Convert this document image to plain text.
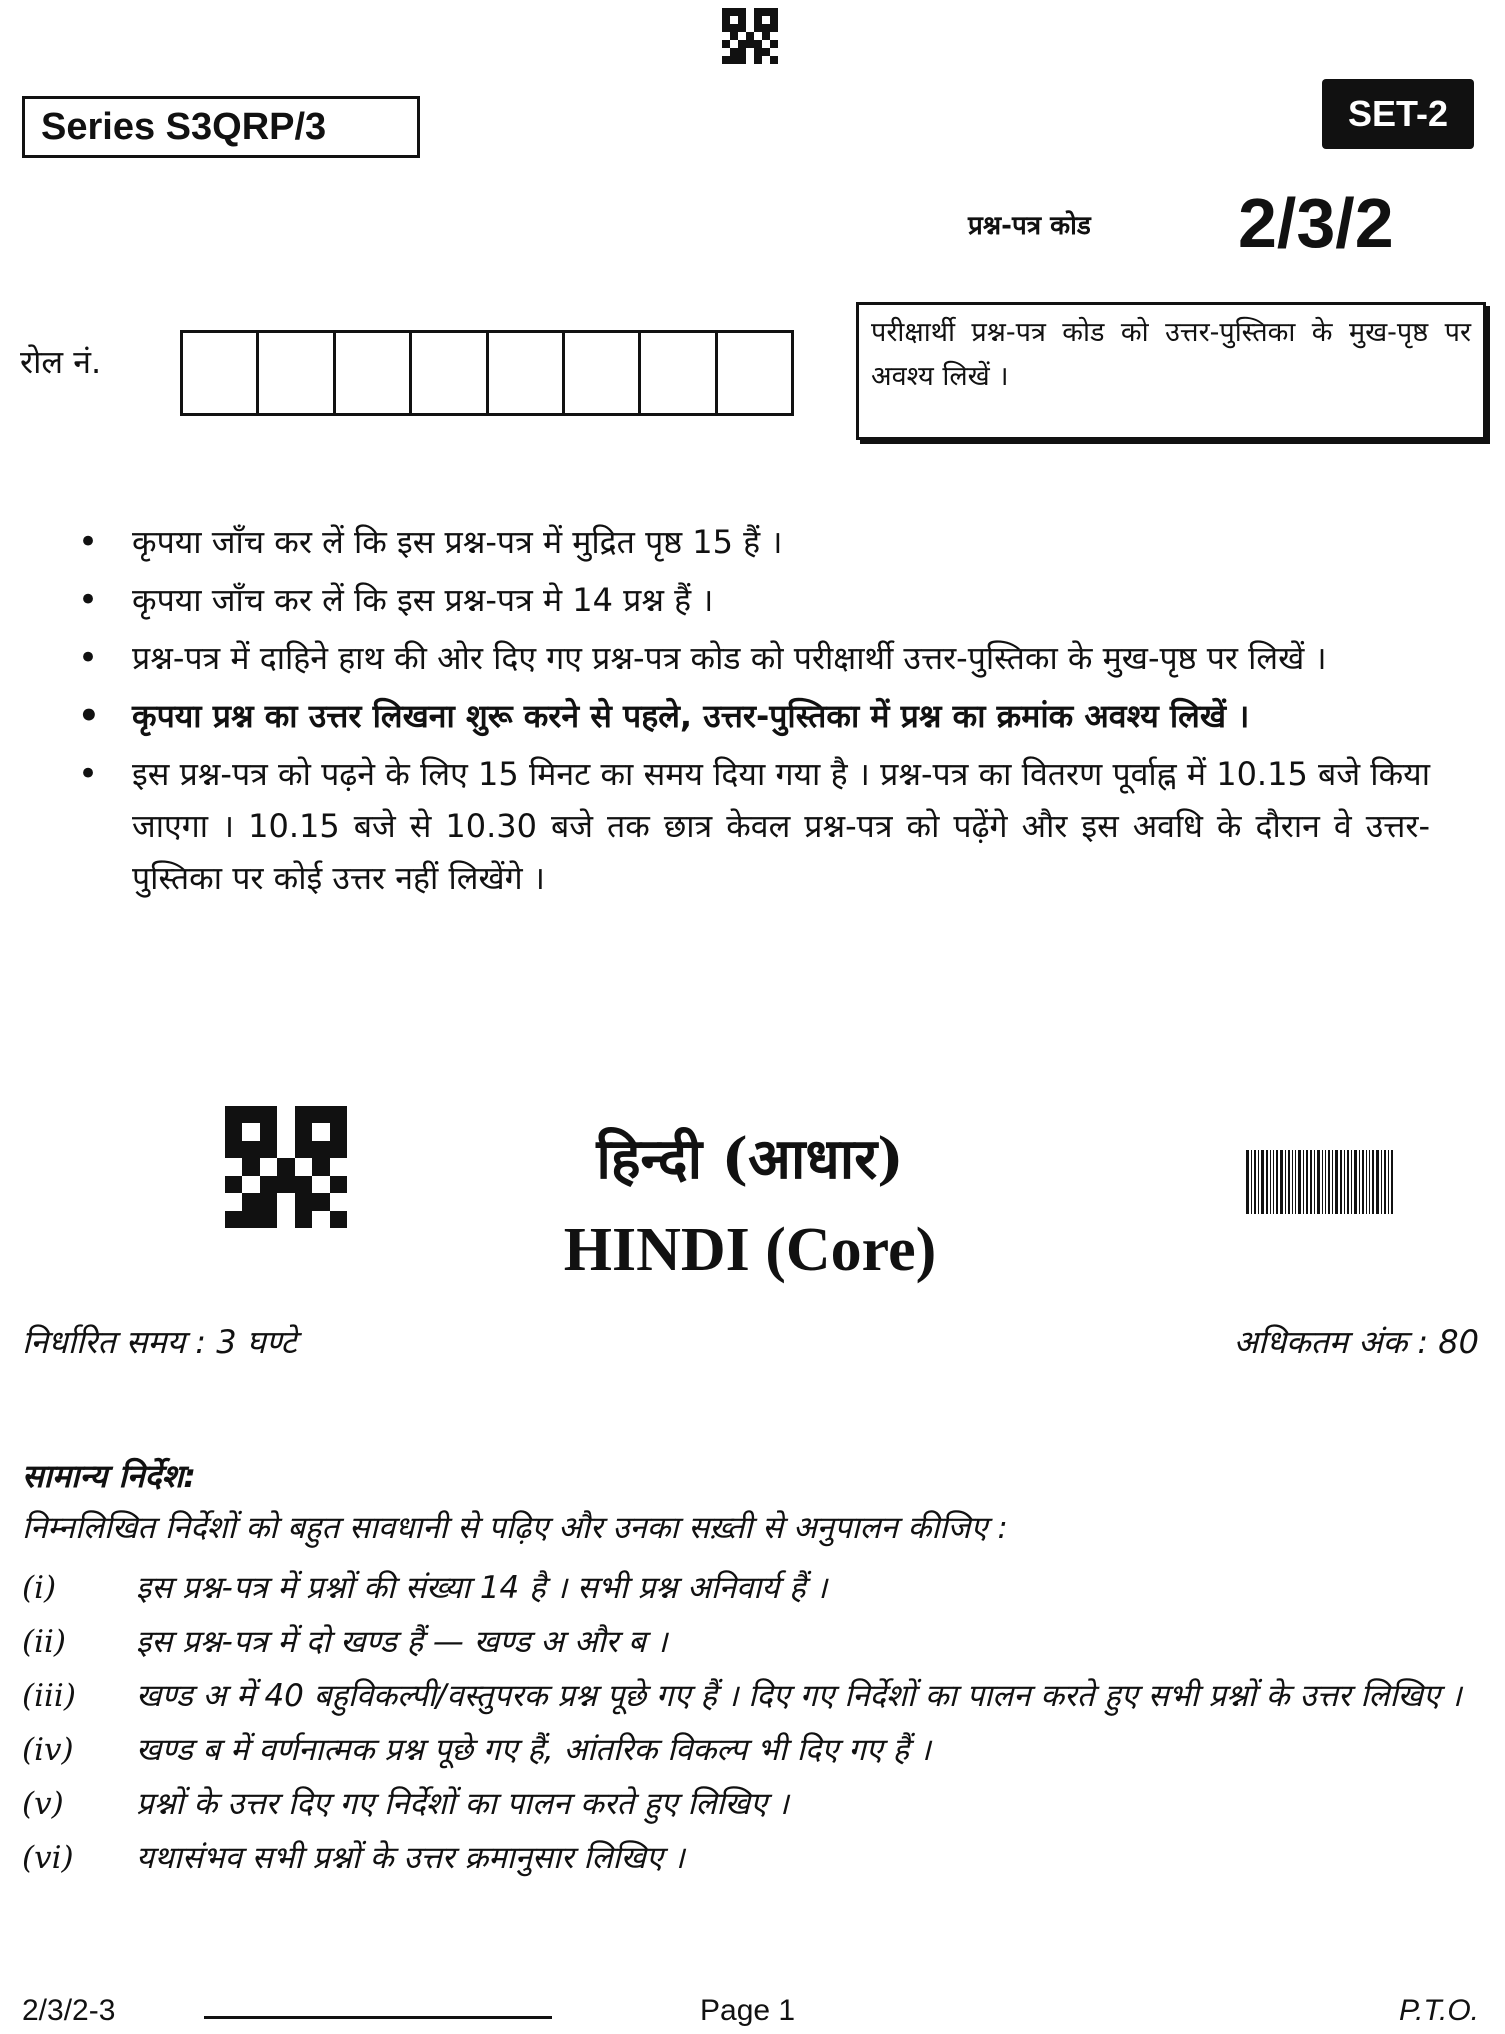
Series S3QRP/3	SET-2
प्रश्न-पत्र कोड 2/3/2
रोल नं.
परीक्षार्थी प्रश्न-पत्र कोड को उत्तर-पुस्तिका के मुख-पृष्ठ पर अवश्य लिखें ।
• कृपया जाँच कर लें कि इस प्रश्न-पत्र में मुद्रित पृष्ठ 15 हैं ।
• कृपया जाँच कर लें कि इस प्रश्न-पत्र मे 14 प्रश्न हैं ।
• प्रश्न-पत्र में दाहिने हाथ की ओर दिए गए प्रश्न-पत्र कोड को परीक्षार्थी उत्तर-पुस्तिका के मुख-पृष्ठ पर लिखें ।
• कृपया प्रश्न का उत्तर लिखना शुरू करने से पहले, उत्तर-पुस्तिका में प्रश्न का क्रमांक अवश्य लिखें ।
• इस प्रश्न-पत्र को पढ़ने के लिए 15 मिनट का समय दिया गया है । प्रश्न-पत्र का वितरण पूर्वाह्न में 10.15 बजे किया जाएगा । 10.15 बजे से 10.30 बजे तक छात्र केवल प्रश्न-पत्र को पढ़ेंगे और इस अवधि के दौरान वे उत्तर-पुस्तिका पर कोई उत्तर नहीं लिखेंगे ।
हिन्दी (आधार)
HINDI (Core)
निर्धारित समय : 3 घण्टे	अधिकतम अंक : 80
सामान्य निर्देश:
निम्नलिखित निर्देशों को बहुत सावधानी से पढ़िए और उनका सख़्ती से अनुपालन कीजिए :
(i)	इस प्रश्न-पत्र में प्रश्नों की संख्या 14 है । सभी प्रश्न अनिवार्य हैं ।
(ii)	इस प्रश्न-पत्र में दो खण्ड हैं — खण्ड अ और ब ।
(iii)	खण्ड अ में 40 बहुविकल्पी/वस्तुपरक प्रश्न पूछे गए हैं । दिए गए निर्देशों का पालन करते हुए सभी प्रश्नों के उत्तर लिखिए ।
(iv)	खण्ड ब में वर्णनात्मक प्रश्न पूछे गए हैं, आंतरिक विकल्प भी दिए गए हैं ।
(v)	प्रश्नों के उत्तर दिए गए निर्देशों का पालन करते हुए लिखिए ।
(vi)	यथासंभव सभी प्रश्नों के उत्तर क्रमानुसार लिखिए ।
2/3/2-3	Page 1	P.T.O.
